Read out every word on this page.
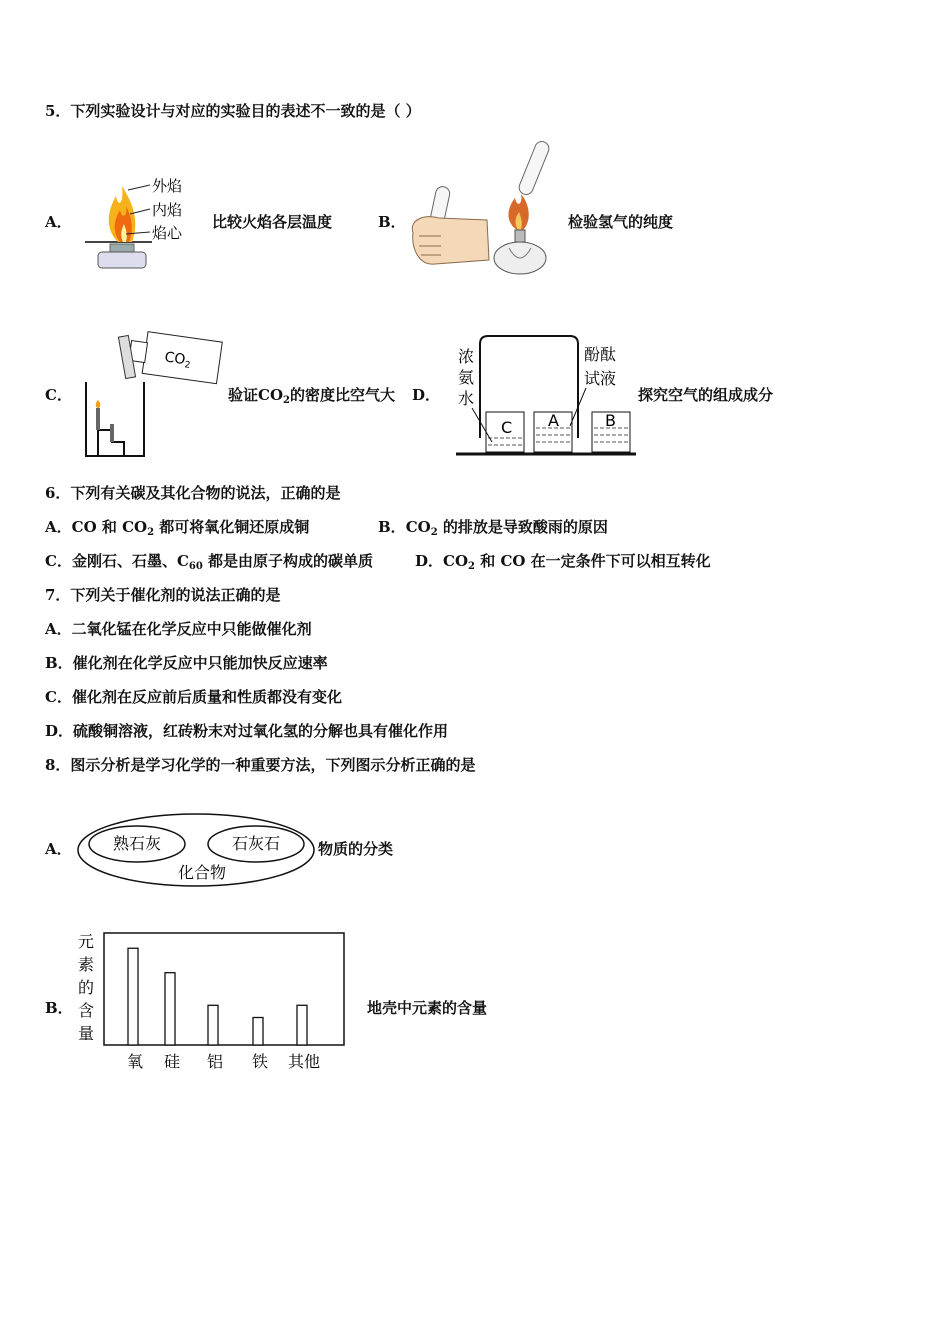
5．下列实验设计与对应的实验目的表述不一致的是（ ）
A．
外焰
内焰
焰心
比较火焰各层温度	B．	检验氢气的纯度
C．
$CO_2$
验证$CO_2$的密度比空气大 D．
浓
氨
水
酚酞
试液
C A	B
探究空气的组成成分
6．下列有关碳及其化合物的说法，正确的是
A．CO 和 $CO_2$ 都可将氧化铜还原成铜	B．$CO_2$ 的排放是导致酸雨的原因
C．金刚石、石墨、$C_{60}$ 都是由原子构成的碳单质	D．$CO_2$ 和 CO 在一定条件下可以相互转化
7．下列关于催化剂的说法正确的是
A．二氧化锰在化学反应中只能做催化剂
B．催化剂在化学反应中只能加快反应速率
C．催化剂在反应前后质量和性质都没有变化
D．硫酸铜溶液，红砖粉末对过氧化氢的分解也具有催化作用
8．图示分析是学习化学的一种重要方法，下列图示分析正确的是
A．	熟石灰	石灰石
化合物
物质的分类
B．
元
素
的
含
量
氧 硅 铝 铁 其他
地壳中元素的含量
